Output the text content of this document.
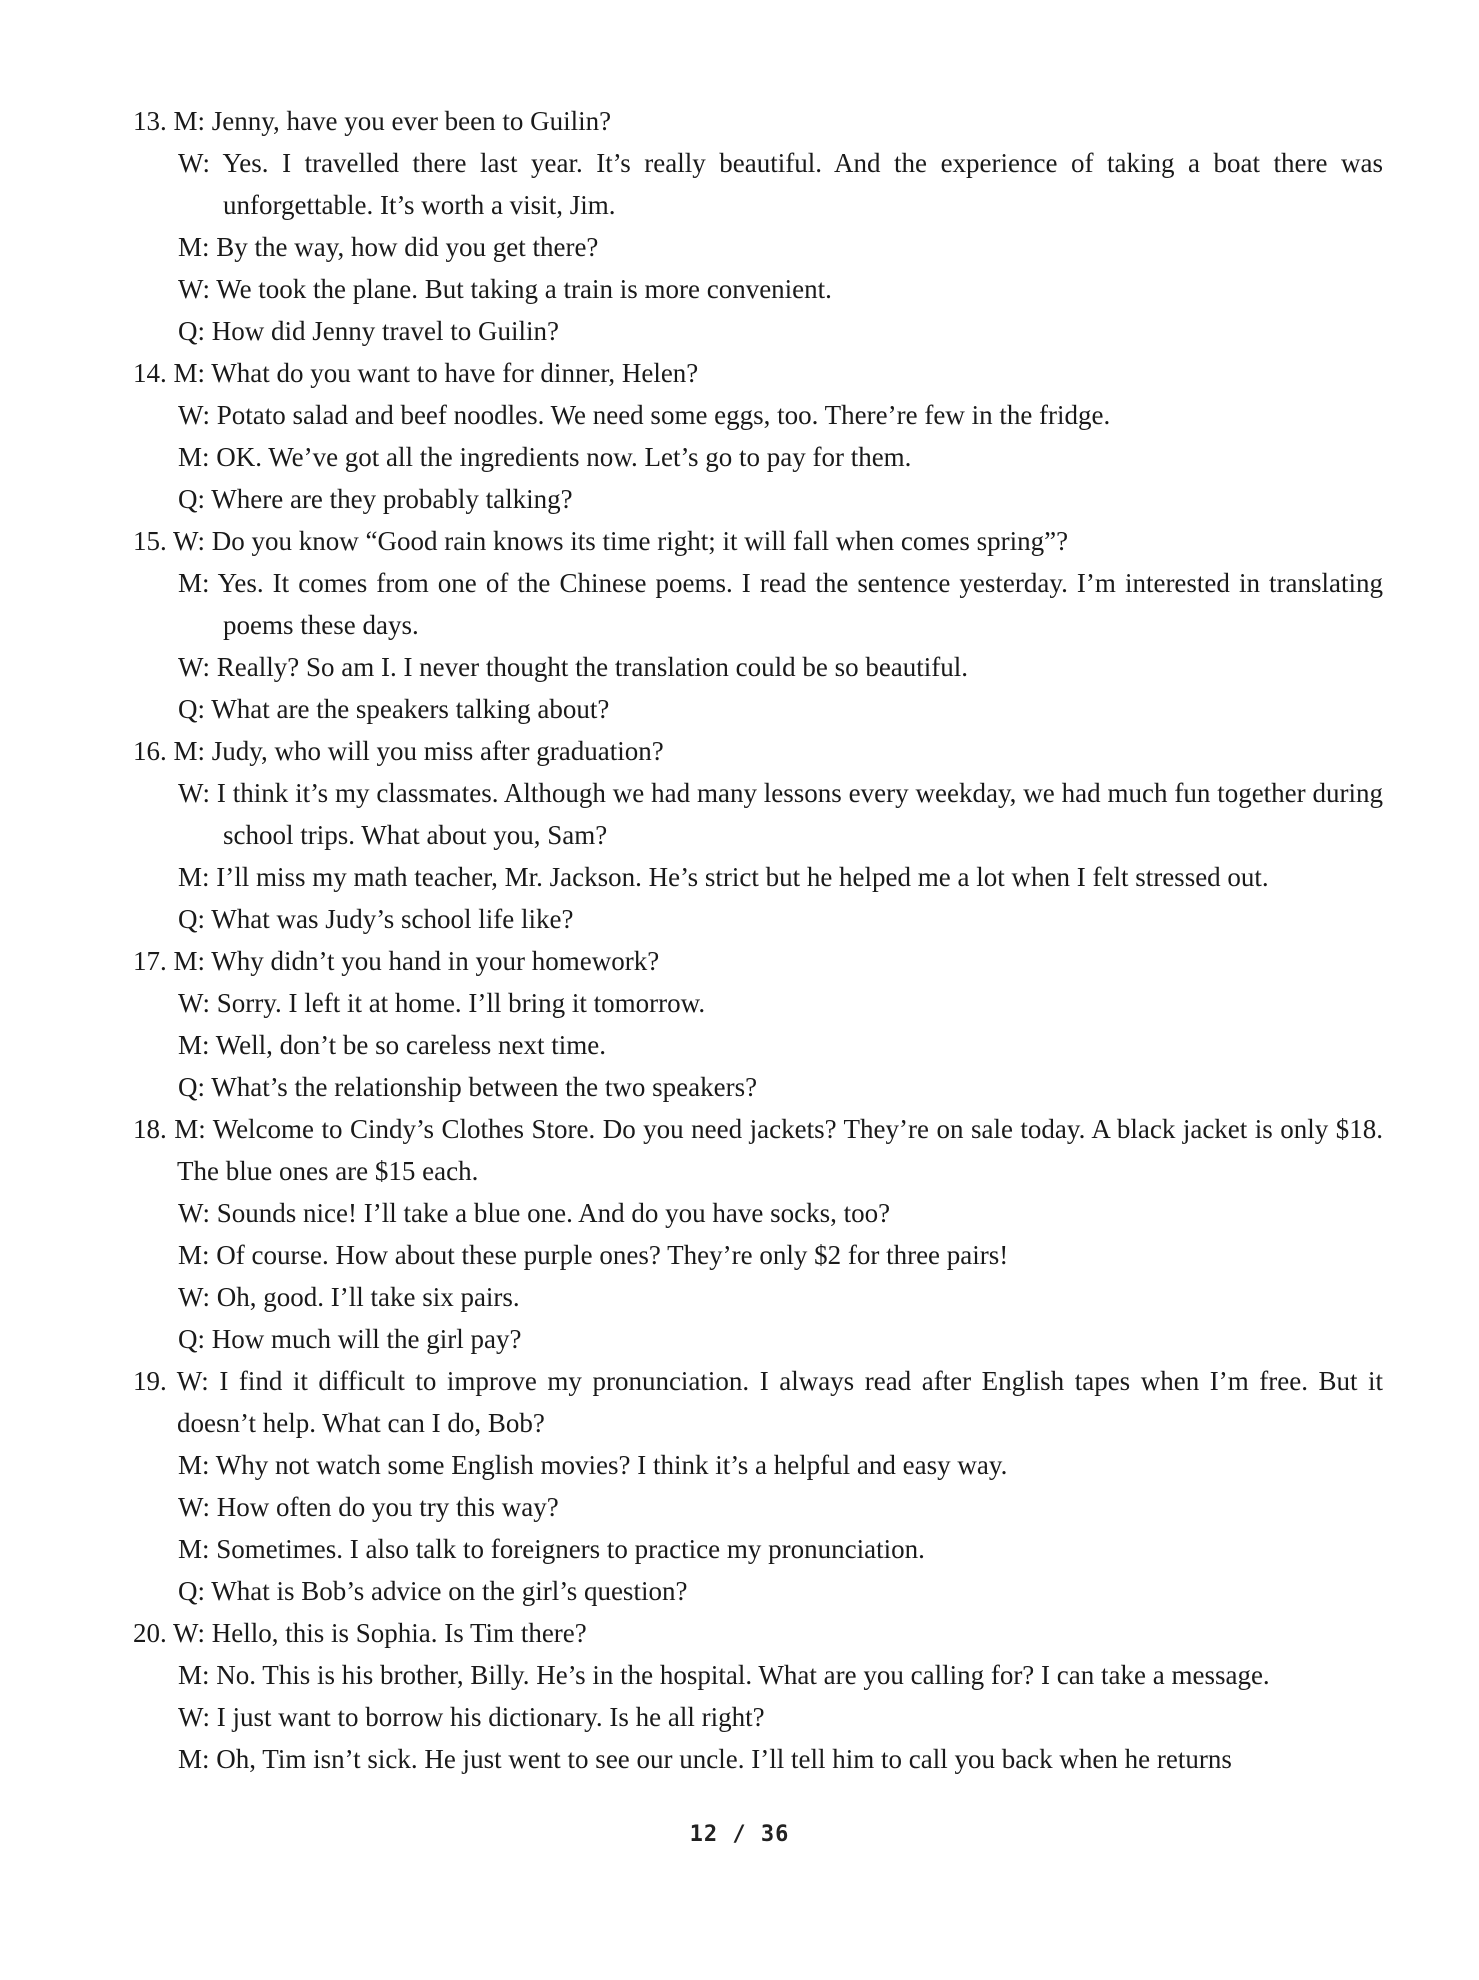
13. M: Jenny, have you ever been to Guilin?
W: Yes. I travelled there last year. It’s really beautiful. And the experience of taking a boat there was unforgettable. It’s worth a visit, Jim.
M: By the way, how did you get there?
W: We took the plane. But taking a train is more convenient.
Q: How did Jenny travel to Guilin?
14. M: What do you want to have for dinner, Helen?
W: Potato salad and beef noodles. We need some eggs, too. There’re few in the fridge.
M: OK. We’ve got all the ingredients now. Let’s go to pay for them.
Q: Where are they probably talking?
15. W: Do you know “Good rain knows its time right; it will fall when comes spring”?
M: Yes. It comes from one of the Chinese poems. I read the sentence yesterday. I’m interested in translating poems these days.
W: Really? So am I. I never thought the translation could be so beautiful.
Q: What are the speakers talking about?
16. M: Judy, who will you miss after graduation?
W: I think it’s my classmates. Although we had many lessons every weekday, we had much fun together during school trips. What about you, Sam?
M: I’ll miss my math teacher, Mr. Jackson. He’s strict but he helped me a lot when I felt stressed out.
Q: What was Judy’s school life like?
17. M: Why didn’t you hand in your homework?
W: Sorry. I left it at home. I’ll bring it tomorrow.
M: Well, don’t be so careless next time.
Q: What’s the relationship between the two speakers?
18. M: Welcome to Cindy’s Clothes Store. Do you need jackets? They’re on sale today. A black jacket is only $18. The blue ones are $15 each.
W: Sounds nice! I’ll take a blue one. And do you have socks, too?
M: Of course. How about these purple ones? They’re only $2 for three pairs!
W: Oh, good. I’ll take six pairs.
Q: How much will the girl pay?
19. W: I find it difficult to improve my pronunciation. I always read after English tapes when I’m free. But it doesn’t help. What can I do, Bob?
M: Why not watch some English movies? I think it’s a helpful and easy way.
W: How often do you try this way?
M: Sometimes. I also talk to foreigners to practice my pronunciation.
Q: What is Bob’s advice on the girl’s question?
20. W: Hello, this is Sophia. Is Tim there?
M: No. This is his brother, Billy. He’s in the hospital. What are you calling for? I can take a message.
W: I just want to borrow his dictionary. Is he all right?
M: Oh, Tim isn’t sick. He just went to see our uncle. I’ll tell him to call you back when he returns
12 / 36
